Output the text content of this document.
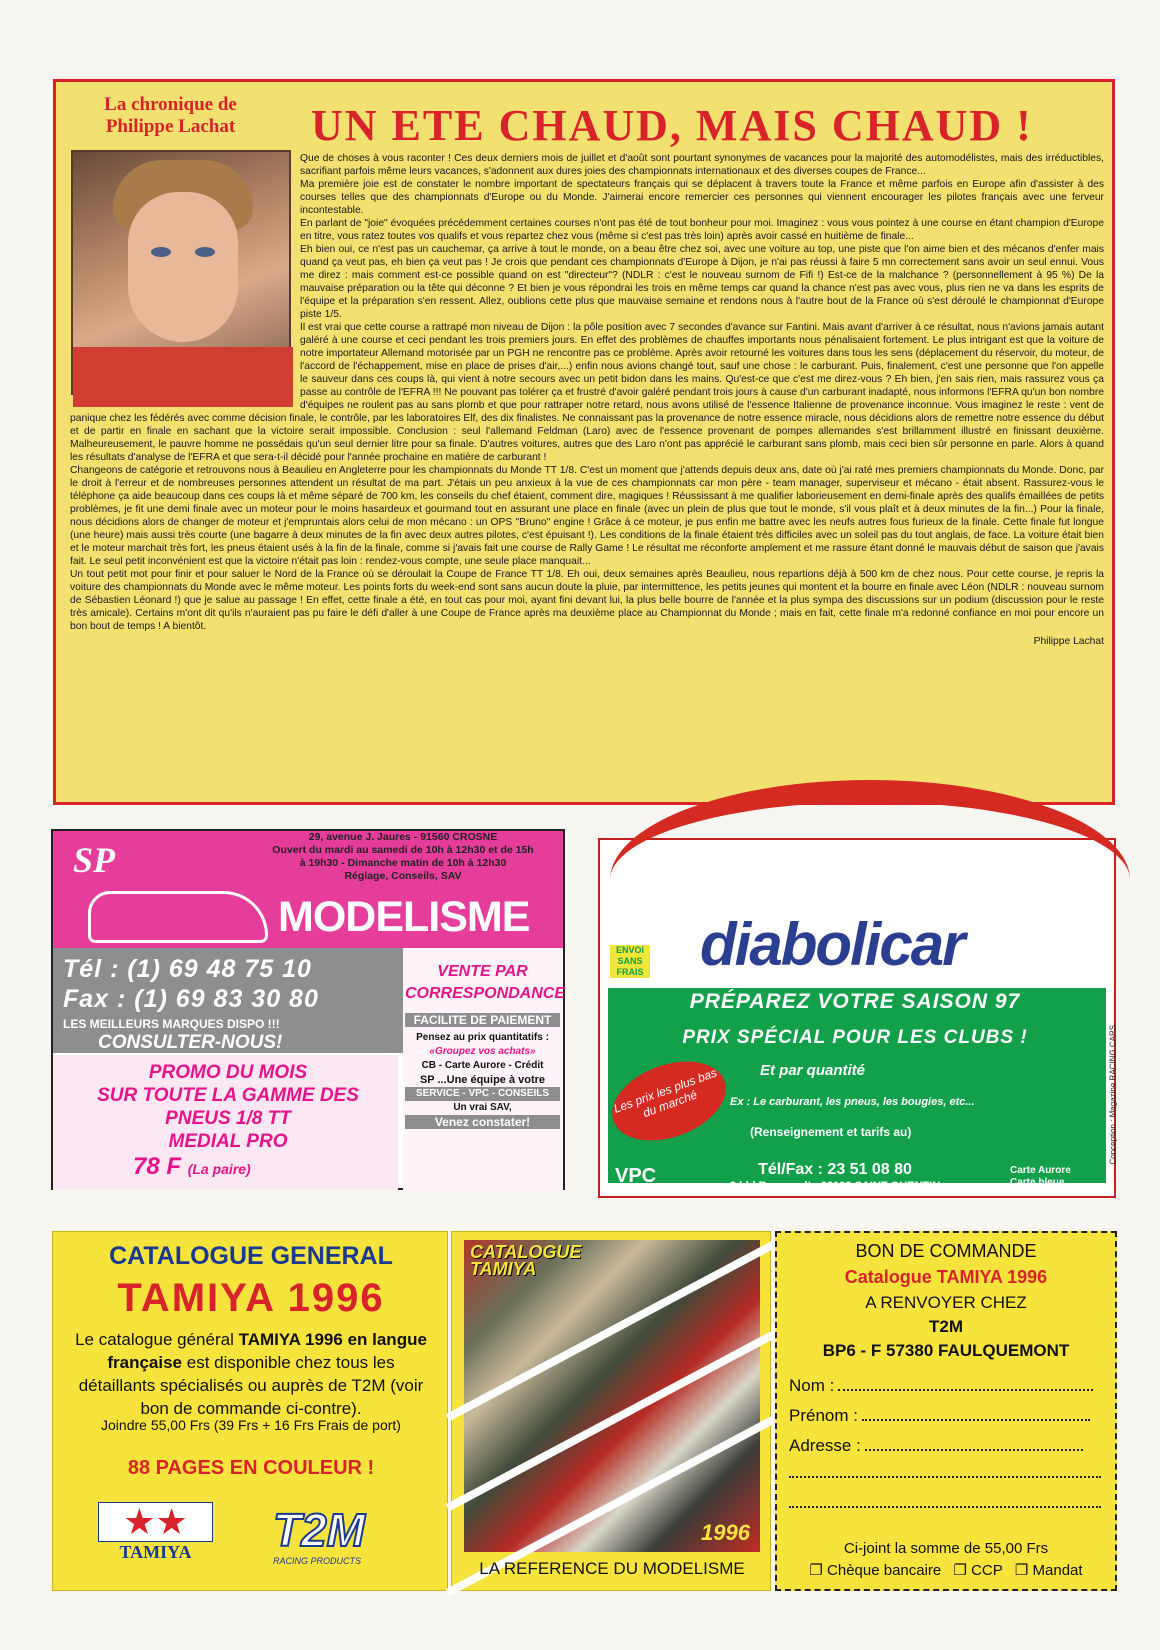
La chronique de
Philippe Lachat	UN ETE CHAUD, MAIS CHAUD !

Que de choses à vous raconter ! Ces deux derniers mois de juillet et d'août sont pourtant synonymes de vacances pour la majorité des automodélistes, mais des irréductibles, sacrifiant parfois même leurs vacances, s'adonnent aux dures joies des championnats internationaux et des diverses coupes de France...

Ma première joie est de constater le nombre important de spectateurs français qui se déplacent à travers toute la France et même parfois en Europe afin d'assister à des courses telles que des championnats d'Europe ou du Monde. J'aimerai encore remercier ces personnes qui viennent encourager les pilotes français avec une ferveur incontestable.

En parlant de "joie" évoquées précédemment certaines courses n'ont pas été de tout bonheur pour moi. Imaginez : vous vous pointez à une course en étant champion d'Europe en titre, vous ratez toutes vos qualifs et vous repartez chez vous (même si c'est pas très loin) après avoir cassé en huitième de finale...

Eh bien oui, ce n'est pas un cauchemar, ça arrive à tout le monde, on a beau être chez soi, avec une voiture au top, une piste que l'on aime bien et des mécanos d'enfer mais quand ça veut pas, eh bien ça veut pas ! Je crois que pendant ces championnats d'Europe à Dijon, je n'ai pas réussi à faire 5 mn correctement sans avoir un seul ennui. Vous me direz : mais comment est-ce possible quand on est "directeur"? (NDLR : c'est le nouveau surnom de Fifi !) Est-ce de la malchance ? (personnellement à 95 %) De la mauvaise préparation ou la tête qui déconne ? Et bien je vous répondrai les trois en même temps car quand la chance n'est pas avec vous, plus rien ne va dans les esprits de l'équipe et la préparation s'en ressent. Allez, oublions cette plus que mauvaise semaine et rendons nous à l'autre bout de la France où s'est déroulé le championnat d'Europe piste 1/5.

Il est vrai que cette course a rattrapé mon niveau de Dijon : la pôle position avec 7 secondes d'avance sur Fantini. Mais avant d'arriver à ce résultat, nous n'avions jamais autant galéré à une course et ceci pendant les trois premiers jours. En effet des problèmes de chauffes importants nous pénalisaient fortement. Le plus intrigant est que la voiture de notre importateur Allemand motorisée par un PGH ne rencontre pas ce problème. Après avoir retourné les voitures dans tous les sens (déplacement du réservoir, du moteur, de l'accord de l'échappement, mise en place de prises d'air,...) enfin nous avions changé tout, sauf une chose : le carburant. Puis, finalement, c'est une personne que l'on appelle le sauveur dans ces coups là, qui vient à notre secours avec un petit bidon dans les mains. Qu'est-ce que c'est me direz-vous ? Eh bien, j'en sais rien, mais rassurez vous ça passe au contrôle de l'EFRA !!! Ne pouvant pas tolérer ça et frustré d'avoir galéré pendant trois jours à cause d'un carburant inadapté, nous informons l'EFRA qu'un bon nombre d'équipes ne roulent pas au sans plomb et que pour rattraper notre retard, nous avons utilisé de l'essence Italienne de provenance inconnue. Vous imaginez le reste : vent de panique chez les fédérés avec comme décision finale, le contrôle, par les laboratoires Elf, des dix finalistes. Ne connaissant pas la provenance de notre essence miracle, nous décidions alors de remettre notre essence du début et de partir en finale en sachant que la victoire serait impossible. Conclusion : seul l'allemand Feldman (Laro) avec de l'essence provenant de pompes allemandes s'est brillamment illustré en finissant deuxième. Malheureusement, le pauvre homme ne possédais qu'un seul dernier litre pour sa finale. D'autres voitures, autres que des Laro n'ont pas apprécié le carburant sans plomb, mais ceci bien sûr personne en parle. Alors à quand les résultats d'analyse de l'EFRA et que sera-t-il décidé pour l'année prochaine en matière de carburant !

Changeons de catégorie et retrouvons nous à Beaulieu en Angleterre pour les championnats du Monde TT 1/8. C'est un moment que j'attends depuis deux ans, date où j'ai raté mes premiers championnats du Monde. Donc, par le droit à l'erreur et de nombreuses personnes attendent un résultat de ma part. J'étais un peu anxieux à la vue de ces championnats car mon père - team manager, superviseur et mécano - était absent. Rassurez-vous le téléphone ça aide beaucoup dans ces coups là et même séparé de 700 km, les conseils du chef étaient, comment dire, magiques ! Réussissant à me qualifier laborieusement en demi-finale après des qualifs émaillées de petits problèmes, je fit une demi finale avec un moteur pour le moins hasardeux et gourmand tout en assurant une place en finale (avec un plein de plus que tout le monde, s'il vous plaît et à deux minutes de la fin...) Pour la finale, nous décidions alors de changer de moteur et j'empruntais alors celui de mon mécano : un OPS "Bruno" engine ! Grâce à ce moteur, je pus enfin me battre avec les neufs autres fous furieux de la finale. Cette finale fut longue (une heure) mais aussi très courte (une bagarre à deux minutes de la fin avec deux autres pilotes, c'est épuisant !). Les conditions de la finale étaient très difficiles avec un soleil pas du tout anglais, de face. La voiture était bien et le moteur marchait très fort, les pneus étaient usés à la fin de la finale, comme si j'avais fait une course de Rally Game ! Le résultat me réconforte amplement et me rassure étant donné le mauvais début de saison que j'avais fait. Le seul petit inconvénient est que la victoire n'était pas loin : rendez-vous compte, une seule place manquait...

Un tout petit mot pour finir et pour saluer le Nord de la France où se déroulait la Coupe de France TT 1/8. Eh oui, deux semaines après Beaulieu, nous repartions déjà à 500 km de chez nous. Pour cette course, je repris la voiture des championnats du Monde avec le même moteur. Les points forts du week-end sont sans aucun doute la pluie, par intermittence, les petits jeunes qui montent et la bourre en finale avec Léon (NDLR : nouveau surnom de Sébastien Léonard !) que je salue au passage ! En effet, cette finale a été, en tout cas pour moi, ayant fini devant lui, la plus belle bourre de l'année et la plus sympa des discussions sur un podium (discussion pour le reste très amicale). Certains m'ont dit qu'ils n'auraient pas pu faire le défi d'aller à une Coupe de France après ma deuxième place au Championnat du Monde ; mais en fait, cette finale m'a redonné confiance en moi pour encore un bon bout de temps ! A bientôt.

Philippe Lachat

SP
29, avenue J. Jaures - 91560 CROSNE
Ouvert du mardi au samedi de 10h à 12h30 et de 15h
à 19h30 - Dimanche matin de 10h à 12h30
Réglage, Conseils, SAV
MODELISME
Tél : (1) 69 48 75 10
Fax : (1) 69 83 30 80
LES MEILLEURS MARQUES DISPO !!!
CONSULTER-NOUS!
PROMO DU MOIS
SUR TOUTE LA GAMME DES
PNEUS 1/8 TT
MEDIAL PRO
78 F (La paire)
VENTE PAR
CORRESPONDANCE
FACILITE DE PAIEMENT
Pensez au prix quantitatifs :
«Groupez vos achats»
CB - Carte Aurore - Crédit
SP ...Une équipe à votre
SERVICE - VPC - CONSEILS
Un vrai SAV,
Venez constater!
diabolicar
ENVOI SANS FRAIS
PRÉPAREZ VOTRE SAISON 97
PRIX SPÉCIAL POUR LES CLUBS !
Et par quantité
Ex : Le carburant, les pneus, les bougies, etc...
(Renseignement et tarifs au)
Les prix les plus bas du marché
VPC	Tél/Fax : 23 51 08 80
3 bld Roosevelt - 02100 SAINT QUENTIN
Carte Aurore
Carte bleue
Conception : Magazine RACING CARS
CATALOGUE GENERAL
TAMIYA 1996
Le catalogue général TAMIYA 1996 en langue française est disponible chez tous les détaillants spécialisés ou auprès de T2M (voir bon de commande ci-contre).
Joindre 55,00 Frs (39 Frs + 16 Frs Frais de port)
88 PAGES EN COULEUR !
★★
TAMIYA	T2M
RACING PRODUCTS
CATALOGUE
TAMIYA
1996
LA REFERENCE DU MODELISME
BON DE COMMANDE
Catalogue TAMIYA 1996
A RENVOYER CHEZ
T2M
BP6 - F 57380 FAULQUEMONT
Nom :
Prénom :
Adresse :
Ci-joint la somme de 55,00 Frs
❐ Chèque bancaire ❐ CCP ❐ Mandat
